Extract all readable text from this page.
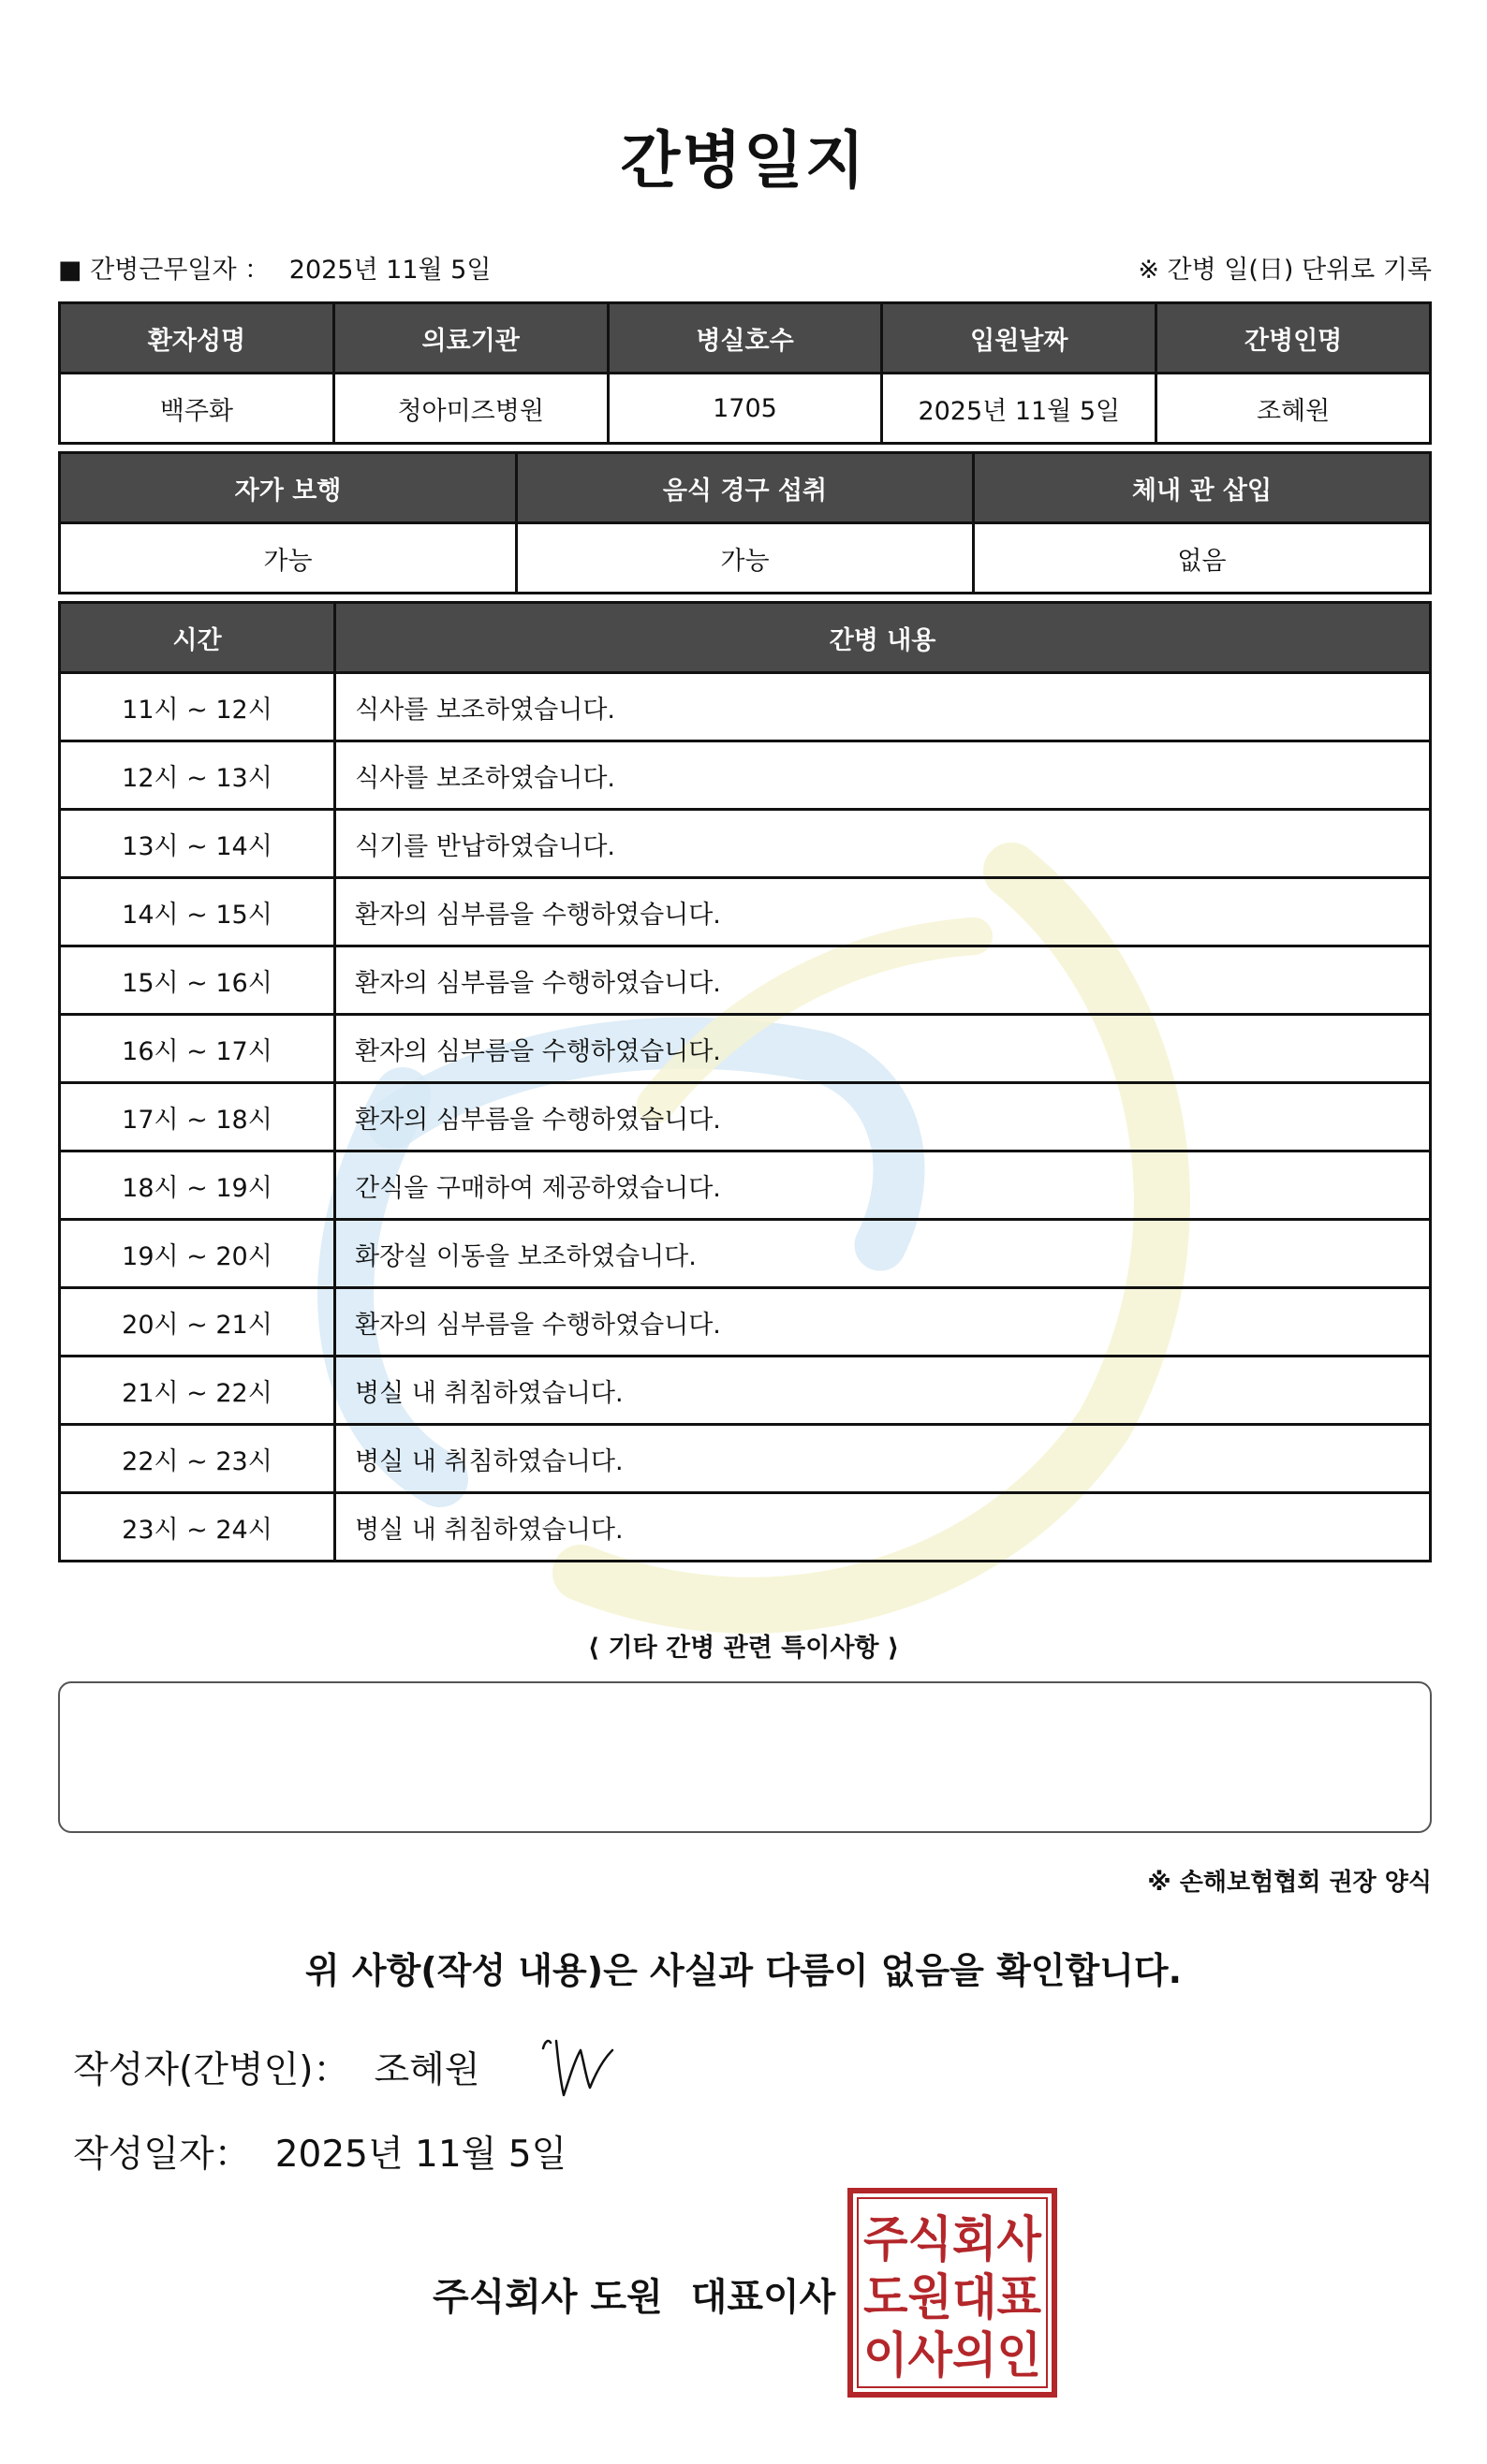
간병일지
■ 간병근무일자 ： 2025년 11월 5일	※ 간병 일(日) 단위로 기록
환자성명	의료기관	병실호수	입원날짜	간병인명
백주화	청아미즈병원	1705	2025년 11월 5일	조혜원
자가 보행	음식 경구 섭취	체내 관 삽입
가능	가능	없음
시간	간병 내용
11시 ~ 12시	식사를 보조하였습니다.
12시 ~ 13시	식사를 보조하였습니다.
13시 ~ 14시	식기를 반납하였습니다.
14시 ~ 15시	환자의 심부름을 수행하였습니다.
15시 ~ 16시	환자의 심부름을 수행하였습니다.
16시 ~ 17시	환자의 심부름을 수행하였습니다.
17시 ~ 18시	환자의 심부름을 수행하였습니다.
18시 ~ 19시	간식을 구매하여 제공하였습니다.
19시 ~ 20시	화장실 이동을 보조하였습니다.
20시 ~ 21시	환자의 심부름을 수행하였습니다.
21시 ~ 22시	병실 내 취침하였습니다.
22시 ~ 23시	병실 내 취침하였습니다.
23시 ~ 24시	병실 내 취침하였습니다.
⟨ 기타 간병 관련 특이사항 ⟩
※ 손해보험협회 권장 양식
위 사항(작성 내용)은 사실과 다름이 없음을 확인합니다.
작성자(간병인)： 조혜원
작성일자： 2025년 11월 5일
주식회사 도원 대표이사
주식회사
도원대표
이사의인
